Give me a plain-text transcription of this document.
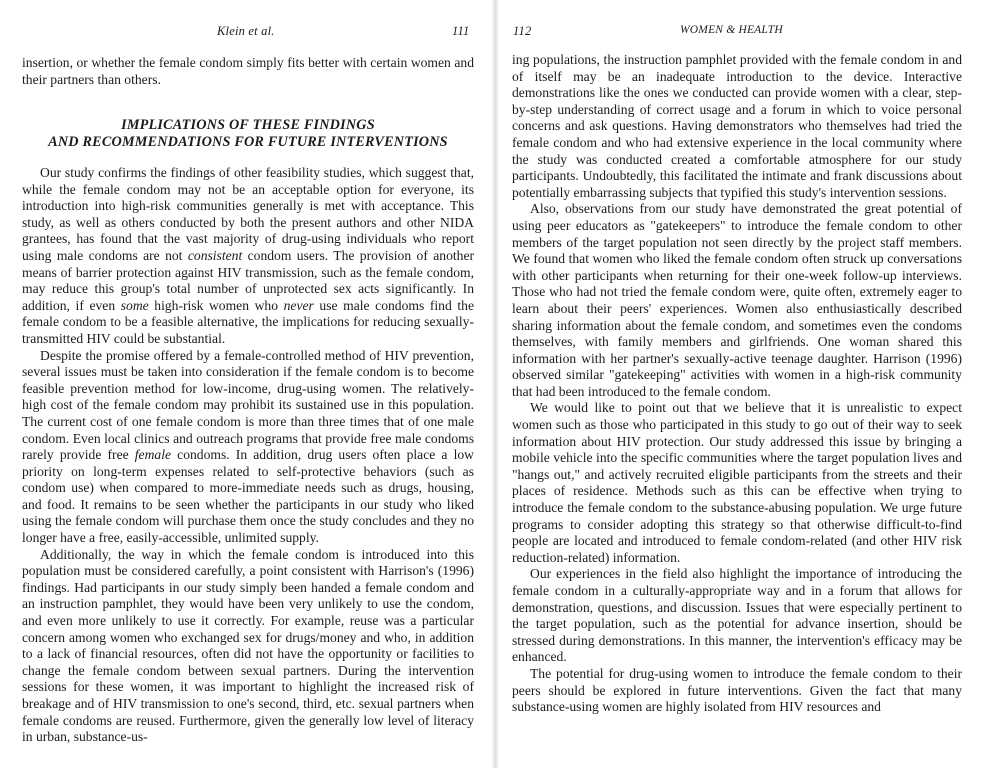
Klein et al.	111

insertion, or whether the female condom simply fits better with certain women and their partners than others.

IMPLICATIONS OF THESE FINDINGS

AND RECOMMENDATIONS FOR FUTURE INTERVENTIONS

Our study confirms the findings of other feasibility studies, which suggest that, while the female condom may not be an acceptable option for everyone, its introduction into high-risk communities generally is met with acceptance. This study, as well as others conducted by both the present authors and other NIDA grantees, has found that the vast majority of drug-using individuals who report using male condoms are not consistent condom users. The provision of another means of barrier protection against HIV transmission, such as the female condom, may reduce this group's total number of unprotected sex acts significantly. In addition, if even some high-risk women who never use male condoms find the female condom to be a feasible alternative, the implications for reducing sexually-transmitted HIV could be substantial.

Despite the promise offered by a female-controlled method of HIV prevention, several issues must be taken into consideration if the female condom is to become feasible prevention method for low-income, drug-using women. The relatively-high cost of the female condom may prohibit its sustained use in this population. The current cost of one female condom is more than three times that of one male condom. Even local clinics and outreach programs that provide free male condoms rarely provide free female condoms. In addition, drug users often place a low priority on long-term expenses related to self-protective behaviors (such as condom use) when compared to more-immediate needs such as drugs, housing, and food. It remains to be seen whether the participants in our study who liked using the female condom will purchase them once the study concludes and they no longer have a free, easily-accessible, unlimited supply.

Additionally, the way in which the female condom is introduced into this population must be considered carefully, a point consistent with Harrison's (1996) findings. Had participants in our study simply been handed a female condom and an instruction pamphlet, they would have been very unlikely to use the condom, and even more unlikely to use it correctly. For example, reuse was a particular concern among women who exchanged sex for drugs/money and who, in addition to a lack of financial resources, often did not have the opportunity or facilities to change the female condom between sexual partners. During the intervention sessions for these women, it was important to highlight the increased risk of breakage and of HIV transmission to one's second, third, etc. sexual partners when female condoms are reused. Furthermore, given the generally low level of literacy in urban, substance-us-

112	WOMEN & HEALTH

ing populations, the instruction pamphlet provided with the female condom in and of itself may be an inadequate introduction to the device. Interactive demonstrations like the ones we conducted can provide women with a clear, step-by-step understanding of correct usage and a forum in which to voice personal concerns and ask questions. Having demonstrators who themselves had tried the female condom and who had extensive experience in the local community where the study was conducted created a comfortable atmosphere for our study participants. Undoubtedly, this facilitated the intimate and frank discussions about potentially embarrassing subjects that typified this study's intervention sessions.

Also, observations from our study have demonstrated the great potential of using peer educators as "gatekeepers" to introduce the female condom to other members of the target population not seen directly by the project staff members. We found that women who liked the female condom often struck up conversations with other participants when returning for their one-week follow-up interviews. Those who had not tried the female condom were, quite often, extremely eager to learn about their peers' experiences. Women also enthusiastically described sharing information about the female condom, and sometimes even the condoms themselves, with family members and girlfriends. One woman shared this information with her partner's sexually-active teenage daughter. Harrison (1996) observed similar "gatekeeping" activities with women in a high-risk community that had been introduced to the female condom.

We would like to point out that we believe that it is unrealistic to expect women such as those who participated in this study to go out of their way to seek information about HIV protection. Our study addressed this issue by bringing a mobile vehicle into the specific communities where the target population lives and "hangs out," and actively recruited eligible participants from the streets and their places of residence. Methods such as this can be effective when trying to introduce the female condom to the substance-abusing population. We urge future programs to consider adopting this strategy so that otherwise difficult-to-find people are located and introduced to female condom-related (and other HIV risk reduction-related) information.

Our experiences in the field also highlight the importance of introducing the female condom in a culturally-appropriate way and in a forum that allows for demonstration, questions, and discussion. Issues that were especially pertinent to the target population, such as the potential for advance insertion, should be stressed during demonstrations. In this manner, the intervention's efficacy may be enhanced.

The potential for drug-using women to introduce the female condom to their peers should be explored in future interventions. Given the fact that many substance-using women are highly isolated from HIV resources and
